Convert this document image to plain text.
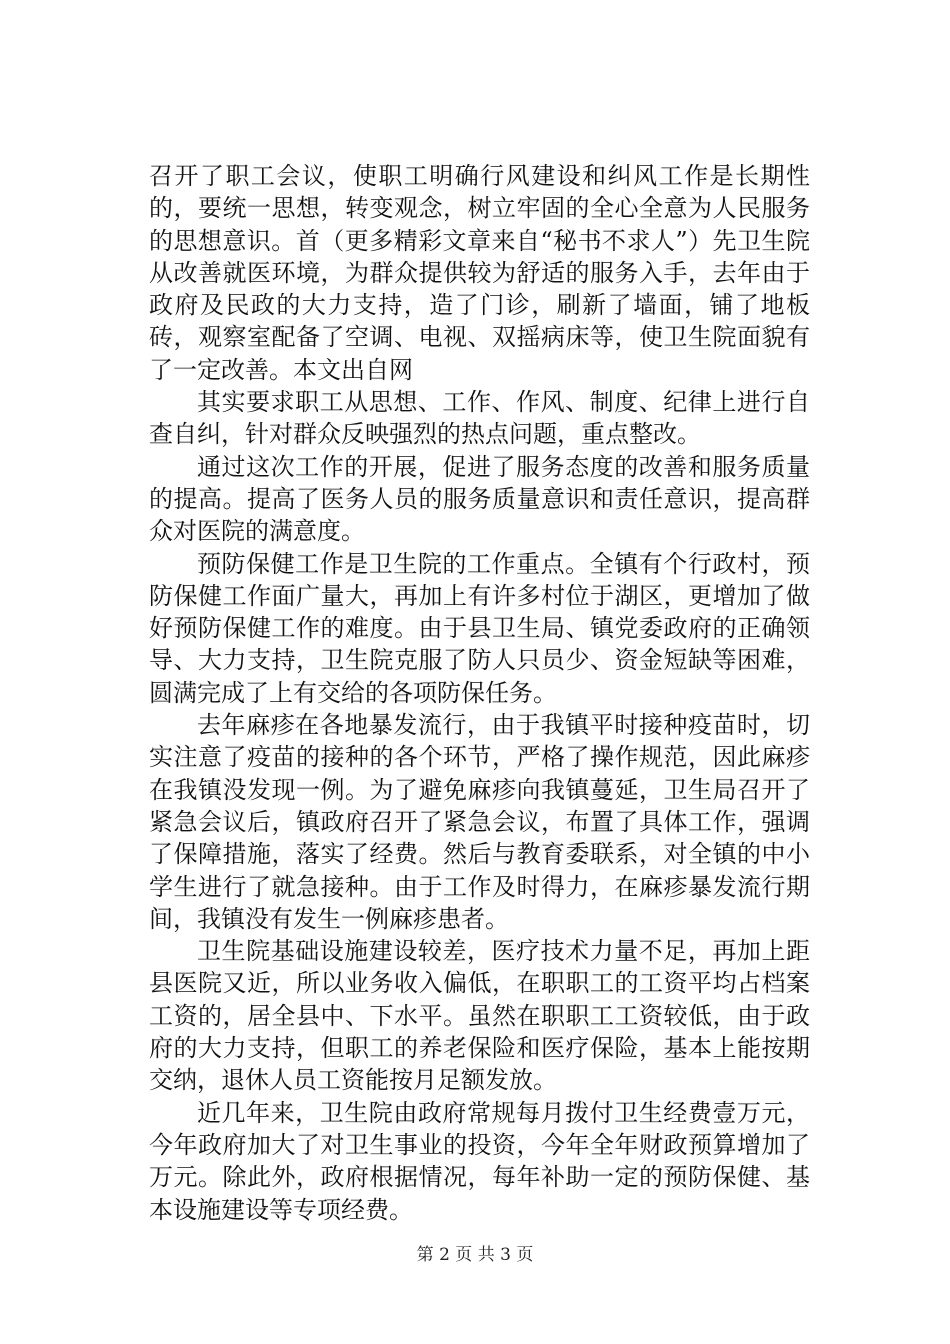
召开了职工会议，使职工明确行风建设和纠风工作是长期性的，要统一思想，转变观念，树立牢固的全心全意为人民服务的思想意识。首（更多精彩文章来自“秘书不求人”）先卫生院从改善就医环境，为群众提供较为舒适的服务入手，去年由于政府及民政的大力支持，造了门诊，刷新了墙面，铺了地板砖，观察室配备了空调、电视、双摇病床等，使卫生院面貌有了一定改善。本文出自网

其实要求职工从思想、工作、作风、制度、纪律上进行自查自纠，针对群众反映强烈的热点问题，重点整改。

通过这次工作的开展，促进了服务态度的改善和服务质量的提高。提高了医务人员的服务质量意识和责任意识，提高群众对医院的满意度。

预防保健工作是卫生院的工作重点。全镇有个行政村，预防保健工作面广量大，再加上有许多村位于湖区，更增加了做好预防保健工作的难度。由于县卫生局、镇党委政府的正确领导、大力支持，卫生院克服了防人只员少、资金短缺等困难，圆满完成了上有交给的各项防保任务。

去年麻疹在各地暴发流行，由于我镇平时接种疫苗时，切实注意了疫苗的接种的各个环节，严格了操作规范，因此麻疹在我镇没发现一例。为了避免麻疹向我镇蔓延，卫生局召开了紧急会议后，镇政府召开了紧急会议，布置了具体工作，强调了保障措施，落实了经费。然后与教育委联系，对全镇的中小学生进行了就急接种。由于工作及时得力，在麻疹暴发流行期间，我镇没有发生一例麻疹患者。

卫生院基础设施建设较差，医疗技术力量不足，再加上距县医院又近，所以业务收入偏低，在职职工的工资平均占档案工资的，居全县中、下水平。虽然在职职工工资较低，由于政府的大力支持，但职工的养老保险和医疗保险，基本上能按期交纳，退休人员工资能按月足额发放。

近几年来，卫生院由政府常规每月拨付卫生经费壹万元，今年政府加大了对卫生事业的投资，今年全年财政预算增加了万元。除此外，政府根据情况，每年补助一定的预防保健、基本设施建设等专项经费。

第 2 页 共 3 页
